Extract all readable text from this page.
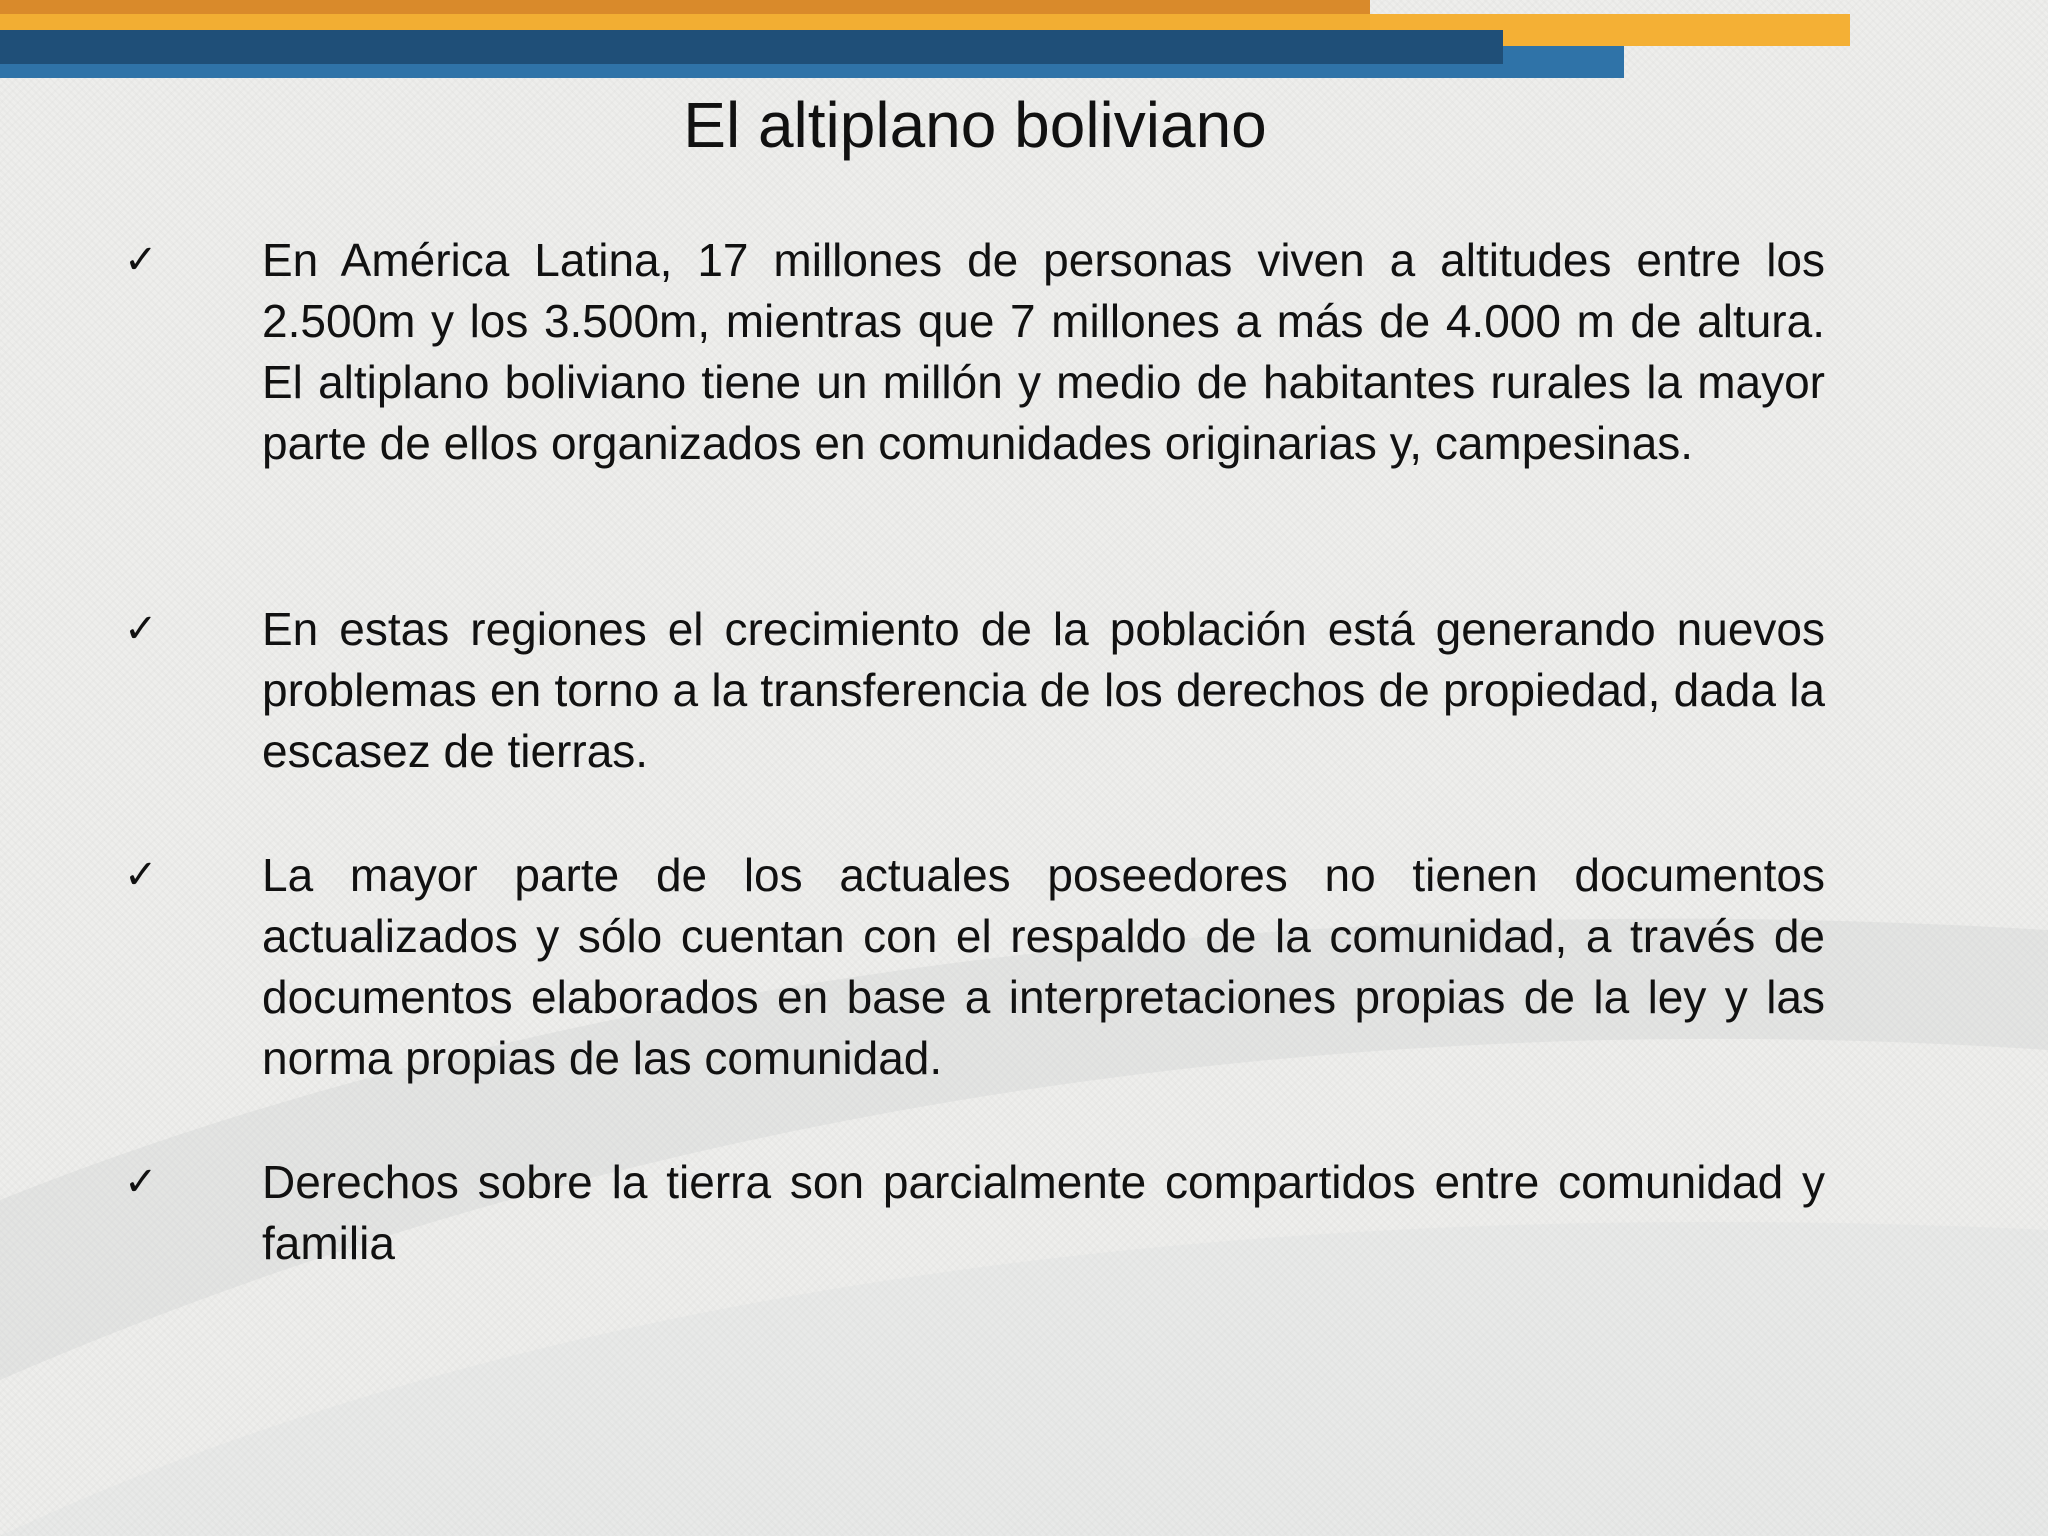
El altiplano boliviano
✓ En América Latina, 17 millones de personas viven a altitudes entre los 2.500m y los 3.500m, mientras que 7 millones a más de 4.000 m de altura. El altiplano boliviano tiene un millón y medio de habitantes rurales la mayor parte de ellos organizados en comunidades originarias y, campesinas.

✓ En estas regiones el crecimiento de la población está generando nuevos problemas en torno a la transferencia de los derechos de propiedad, dada la escasez de tierras.

✓ La mayor parte de los actuales poseedores no tienen documentos actualizados y sólo cuentan con el respaldo de la comunidad, a través de documentos elaborados en base a interpretaciones propias de la ley y las norma propias de las comunidad.

✓ Derechos sobre la tierra son parcialmente compartidos entre comunidad y familia
